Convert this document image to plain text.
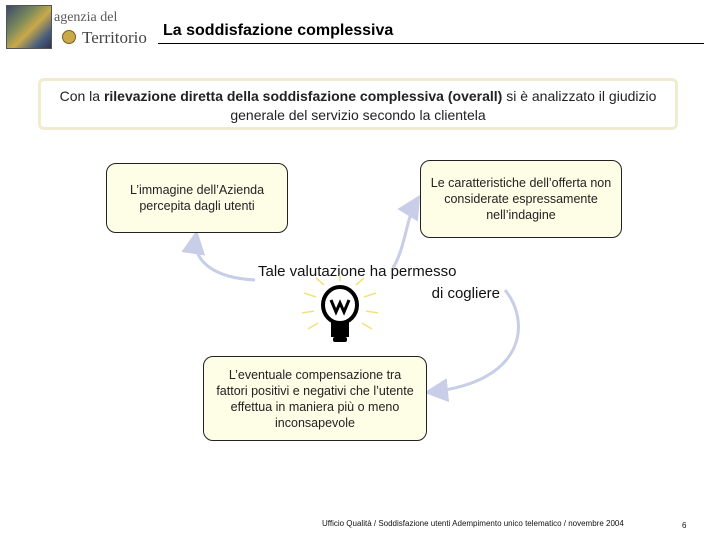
agenzia del
Territorio La soddisfazione complessiva
Con la rilevazione diretta della soddisfazione complessiva (overall) si è analizzato il giudizio generale del servizio secondo la clientela
L’immagine dell’Azienda percepita dagli utenti
Le caratteristiche dell’offerta non considerate espressamente nell’indagine
L’eventuale compensazione tra fattori positivi e negativi che l’utente effettua in maniera più o meno inconsapevole
Tale valutazione ha permesso
di cogliere
Ufficio Qualità / Soddisfazione utenti Adempimento unico telematico / novembre 2004	6
